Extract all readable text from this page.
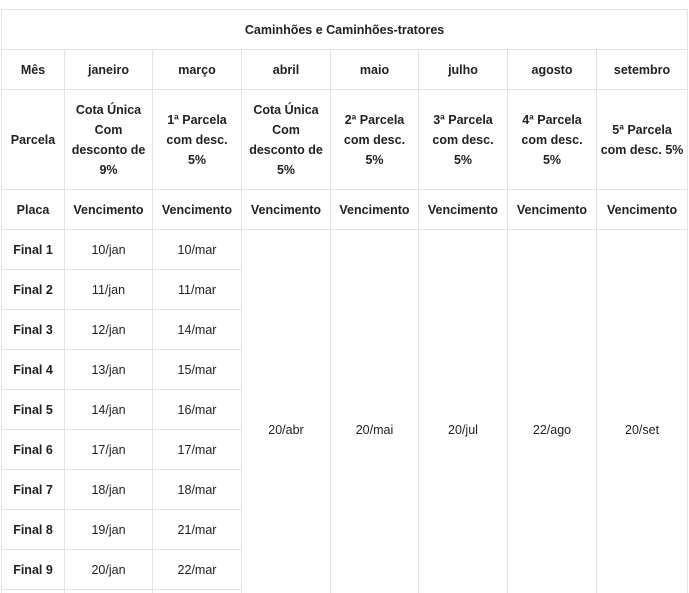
Caminhões e Caminhões-tratores							
Mês	janeiro	março	abril	maio	julho	agosto	setembro
Parcela	Cota Única Com desconto de 9%	1ª Parcela com desc. 5%	Cota Única Com desconto de 5%	2ª Parcela com desc. 5%	3ª Parcela com desc. 5%	4ª Parcela com desc. 5%	5ª Parcela com desc. 5%
Placa	Vencimento	Vencimento	Vencimento	Vencimento	Vencimento	Vencimento	Vencimento
Final 1	10/jan	10/mar	20/abr	20/mai	20/jul	22/ago	20/set
Final 2	11/jan	11/mar					
Final 3	12/jan	14/mar					
Final 4	13/jan	15/mar					
Final 5	14/jan	16/mar					
Final 6	17/jan	17/mar					
Final 7	18/jan	18/mar					
Final 8	19/jan	21/mar					
Final 9	20/jan	22/mar					
